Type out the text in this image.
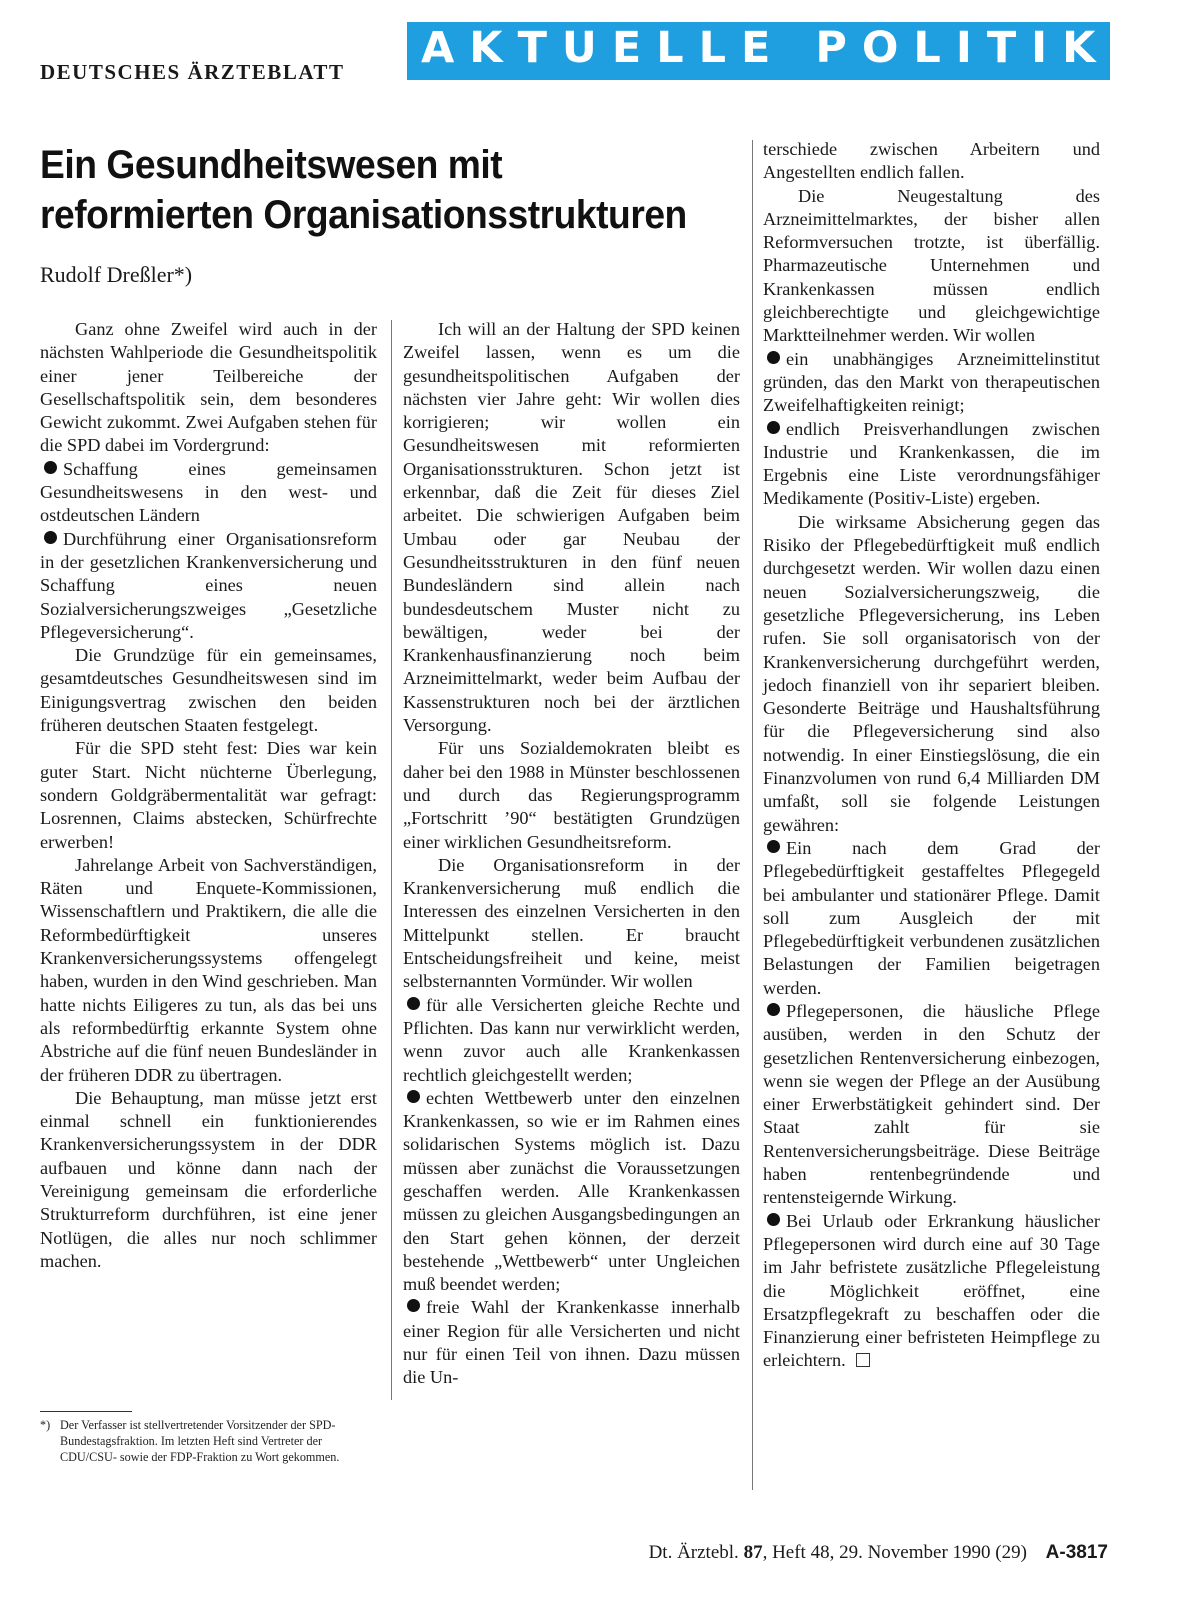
DEUTSCHES ÄRZTEBLATT	AKTUELLE POLITIK
Ein Gesundheitswesen mit reformierten Organisationsstrukturen
Rudolf Dreßler*)

Ganz ohne Zweifel wird auch in der nächsten Wahlperiode die Gesundheitspolitik einer jener Teilbereiche der Gesellschaftspolitik sein, dem besonderes Gewicht zukommt. Zwei Aufgaben stehen für die SPD dabei im Vordergrund:

Schaffung eines gemeinsamen Gesundheitswesens in den west- und ostdeutschen Ländern

Durchführung einer Organisationsreform in der gesetzlichen Krankenversicherung und Schaffung eines neuen Sozialversicherungszweiges „Gesetzliche Pflegeversicherung“.

Die Grundzüge für ein gemeinsames, gesamtdeutsches Gesundheitswesen sind im Einigungsvertrag zwischen den beiden früheren deutschen Staaten festgelegt.

Für die SPD steht fest: Dies war kein guter Start. Nicht nüchterne Überlegung, sondern Goldgräbermentalität war gefragt: Losrennen, Claims abstecken, Schürfrechte erwerben!

Jahrelange Arbeit von Sachverständigen, Räten und Enquete-Kommissionen, Wissenschaftlern und Praktikern, die alle die Reformbedürftigkeit unseres Krankenversicherungssystems offengelegt haben, wurden in den Wind geschrieben. Man hatte nichts Eiligeres zu tun, als das bei uns als reformbedürftig erkannte System ohne Abstriche auf die fünf neuen Bundesländer in der früheren DDR zu übertragen.

Die Behauptung, man müsse jetzt erst einmal schnell ein funktionierendes Krankenversicherungssystem in der DDR aufbauen und könne dann nach der Vereinigung gemeinsam die erforderliche Strukturreform durchführen, ist eine jener Notlügen, die alles nur noch schlimmer machen.

Ich will an der Haltung der SPD keinen Zweifel lassen, wenn es um die gesundheitspolitischen Aufgaben der nächsten vier Jahre geht: Wir wollen dies korrigieren; wir wollen ein Gesundheitswesen mit reformierten Organisationsstrukturen. Schon jetzt ist erkennbar, daß die Zeit für dieses Ziel arbeitet. Die schwierigen Aufgaben beim Umbau oder gar Neubau der Gesundheitsstrukturen in den fünf neuen Bundesländern sind allein nach bundesdeutschem Muster nicht zu bewältigen, weder bei der Krankenhausfinanzierung noch beim Arzneimittelmarkt, weder beim Aufbau der Kassenstrukturen noch bei der ärztlichen Versorgung.

Für uns Sozialdemokraten bleibt es daher bei den 1988 in Münster beschlossenen und durch das Regierungsprogramm „Fortschritt ’90“ bestätigten Grundzügen einer wirklichen Gesundheitsreform.

Die Organisationsreform in der Krankenversicherung muß endlich die Interessen des einzelnen Versicherten in den Mittelpunkt stellen. Er braucht Entscheidungsfreiheit und keine, meist selbsternannten Vormünder. Wir wollen

für alle Versicherten gleiche Rechte und Pflichten. Das kann nur verwirklicht werden, wenn zuvor auch alle Krankenkassen rechtlich gleichgestellt werden;

echten Wettbewerb unter den einzelnen Krankenkassen, so wie er im Rahmen eines solidarischen Systems möglich ist. Dazu müssen aber zunächst die Voraussetzungen geschaffen werden. Alle Krankenkassen müssen zu gleichen Ausgangsbedingungen an den Start gehen können, der derzeit bestehende „Wettbewerb“ unter Ungleichen muß beendet werden;

freie Wahl der Krankenkasse innerhalb einer Region für alle Versicherten und nicht nur für einen Teil von ihnen. Dazu müssen die Un-

terschiede zwischen Arbeitern und Angestellten endlich fallen.

Die Neugestaltung des Arzneimittelmarktes, der bisher allen Reformversuchen trotzte, ist überfällig. Pharmazeutische Unternehmen und Krankenkassen müssen endlich gleichberechtigte und gleichgewichtige Marktteilnehmer werden. Wir wollen

ein unabhängiges Arzneimittelinstitut gründen, das den Markt von therapeutischen Zweifelhaftigkeiten reinigt;

endlich Preisverhandlungen zwischen Industrie und Krankenkassen, die im Ergebnis eine Liste verordnungsfähiger Medikamente (Positiv-Liste) ergeben.

Die wirksame Absicherung gegen das Risiko der Pflegebedürftigkeit muß endlich durchgesetzt werden. Wir wollen dazu einen neuen Sozialversicherungszweig, die gesetzliche Pflegeversicherung, ins Leben rufen. Sie soll organisatorisch von der Krankenversicherung durchgeführt werden, jedoch finanziell von ihr separiert bleiben. Gesonderte Beiträge und Haushaltsführung für die Pflegeversicherung sind also notwendig. In einer Einstiegslösung, die ein Finanzvolumen von rund 6,4 Milliarden DM umfaßt, soll sie folgende Leistungen gewähren:

Ein nach dem Grad der Pflegebedürftigkeit gestaffeltes Pflegegeld bei ambulanter und stationärer Pflege. Damit soll zum Ausgleich der mit Pflegebedürftigkeit verbundenen zusätzlichen Belastungen der Familien beigetragen werden.

Pflegepersonen, die häusliche Pflege ausüben, werden in den Schutz der gesetzlichen Rentenversicherung einbezogen, wenn sie wegen der Pflege an der Ausübung einer Erwerbstätigkeit gehindert sind. Der Staat zahlt für sie Rentenversicherungsbeiträge. Diese Beiträge haben rentenbegründende und rentensteigernde Wirkung.

Bei Urlaub oder Erkrankung häuslicher Pflegepersonen wird durch eine auf 30 Tage im Jahr befristete zusätzliche Pflegeleistung die Möglichkeit eröffnet, eine Ersatzpflegekraft zu beschaffen oder die Finanzierung einer befristeten Heimpflege zu erleichtern.

*) Der Verfasser ist stellvertretender Vorsitzender der SPD-Bundestagsfraktion. Im letzten Heft sind Vertreter der CDU/CSU- sowie der FDP-Fraktion zu Wort gekommen.
Dt. Ärztebl. 87, Heft 48, 29. November 1990 (29) A-3817
